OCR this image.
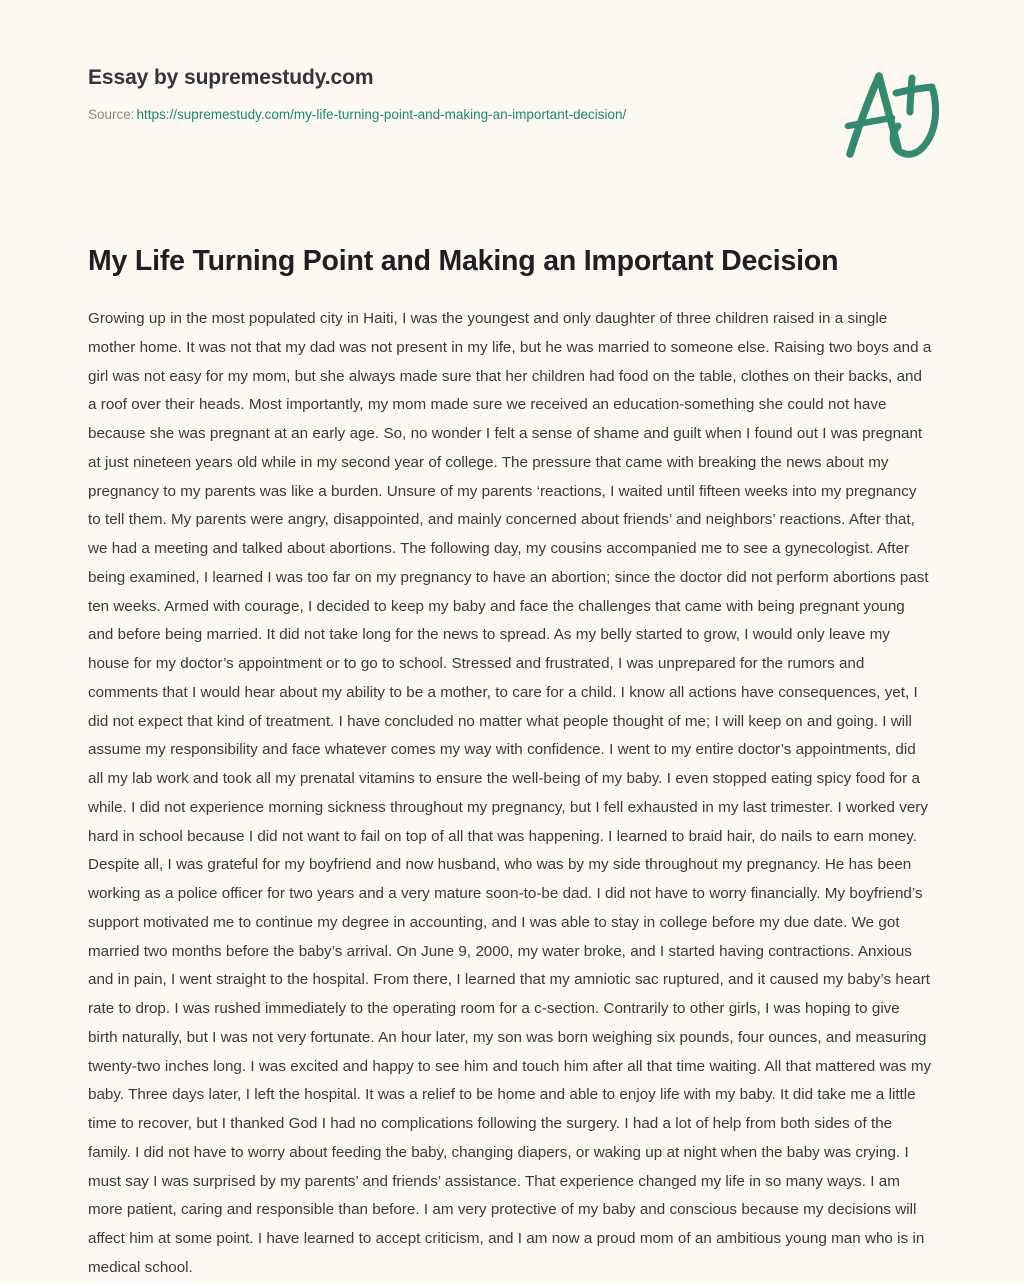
Essay by supremestudy.com
Source: https://supremestudy.com/my-life-turning-point-and-making-an-important-decision/
My Life Turning Point and Making an Important Decision

Growing up in the most populated city in Haiti, I was the youngest and only daughter of three children raised in a single mother home. It was not that my dad was not present in my life, but he was married to someone else. Raising two boys and a girl was not easy for my mom, but she always made sure that her children had food on the table, clothes on their backs, and a roof over their heads. Most importantly, my mom made sure we received an education-something she could not have because she was pregnant at an early age. So, no wonder I felt a sense of shame and guilt when I found out I was pregnant at just nineteen years old while in my second year of college. The pressure that came with breaking the news about my pregnancy to my parents was like a burden. Unsure of my parents ‘reactions, I waited until fifteen weeks into my pregnancy to tell them. My parents were angry, disappointed, and mainly concerned about friends’ and neighbors’ reactions. After that, we had a meeting and talked about abortions. The following day, my cousins accompanied me to see a gynecologist. After being examined, I learned I was too far on my pregnancy to have an abortion; since the doctor did not perform abortions past ten weeks. Armed with courage, I decided to keep my baby and face the challenges that came with being pregnant young and before being married. It did not take long for the news to spread. As my belly started to grow, I would only leave my house for my doctor’s appointment or to go to school. Stressed and frustrated, I was unprepared for the rumors and comments that I would hear about my ability to be a mother, to care for a child. I know all actions have consequences, yet, I did not expect that kind of treatment. I have concluded no matter what people thought of me; I will keep on and going. I will assume my responsibility and face whatever comes my way with confidence. I went to my entire doctor’s appointments, did all my lab work and took all my prenatal vitamins to ensure the well-being of my baby. I even stopped eating spicy food for a while. I did not experience morning sickness throughout my pregnancy, but I fell exhausted in my last trimester. I worked very hard in school because I did not want to fail on top of all that was happening. I learned to braid hair, do nails to earn money. Despite all, I was grateful for my boyfriend and now husband, who was by my side throughout my pregnancy. He has been working as a police officer for two years and a very mature soon-to-be dad. I did not have to worry financially. My boyfriend’s support motivated me to continue my degree in accounting, and I was able to stay in college before my due date. We got married two months before the baby’s arrival. On June 9, 2000, my water broke, and I started having contractions. Anxious and in pain, I went straight to the hospital. From there, I learned that my amniotic sac ruptured, and it caused my baby’s heart rate to drop. I was rushed immediately to the operating room for a c-section. Contrarily to other girls, I was hoping to give birth naturally, but I was not very fortunate. An hour later, my son was born weighing six pounds, four ounces, and measuring twenty-two inches long. I was excited and happy to see him and touch him after all that time waiting. All that mattered was my baby. Three days later, I left the hospital. It was a relief to be home and able to enjoy life with my baby. It did take me a little time to recover, but I thanked God I had no complications following the surgery. I had a lot of help from both sides of the family. I did not have to worry about feeding the baby, changing diapers, or waking up at night when the baby was crying. I must say I was surprised by my parents’ and friends’ assistance. That experience changed my life in so many ways. I am more patient, caring and responsible than before. I am very protective of my baby and conscious because my decisions will affect him at some point. I have learned to accept criticism, and I am now a proud mom of an ambitious young man who is in medical school.
